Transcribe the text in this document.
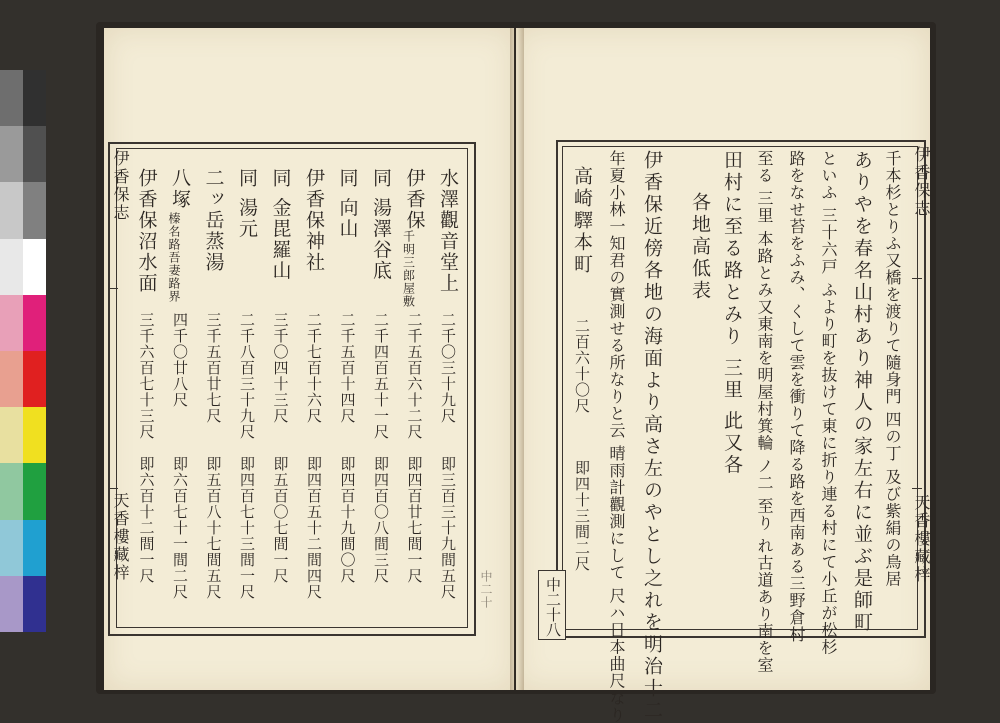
伊香保志
天香樓藏梓
中二十
水澤觀音堂上
二千〇三十九尺
即三百三十九間五尺
伊香保
千明三郎屋敷
二千五百六十二尺
即四百廿七間一尺
同 湯澤谷底
二千四百五十一尺
即四百〇八間三尺
同 向山
二千五百十四尺
即四百十九間〇尺
伊香保神社
二千七百十六尺
即四百五十二間四尺
同 金毘羅山
三千〇四十三尺
即五百〇七間一尺
同 湯元
二千八百三十九尺
即四百七十三間一尺
二ッ岳蒸湯
三千五百廿七尺
即五百八十七間五尺
八塚
榛名路吾妻路界
四千〇廿八尺
即六百七十一間二尺
伊香保沼水面
三千六百七十三尺
即六百十二間一尺
伊香保志
天香樓藏梓
中二十八
千本杉とりふ又橋を渡りて隨身門 四の丁 及び紫絹の鳥居
ありやを春名山村あり神人の家左右に並ぶ是師町
といふ 三十六戸 ふより町を抜けて東に折り連る村にて小丘が松杉
路をなせ苔をふみ、くして雲を衝りて降る路を西南ある三野倉村
至る 三里 本路とみ又東南を明屋村箕輪 ノ二 至り れ古道あり南を室
田村に至る路とみり 三里 此又各
各地高低表
伊香保近傍各地の海面より高さ左のやとし之れを明治十二
年夏小林一知君の實測せる所なりと云 晴雨計觀測にして 尺ハ日本曲尺なり
高崎驛本町
二百六十〇尺
即四十三間二尺
